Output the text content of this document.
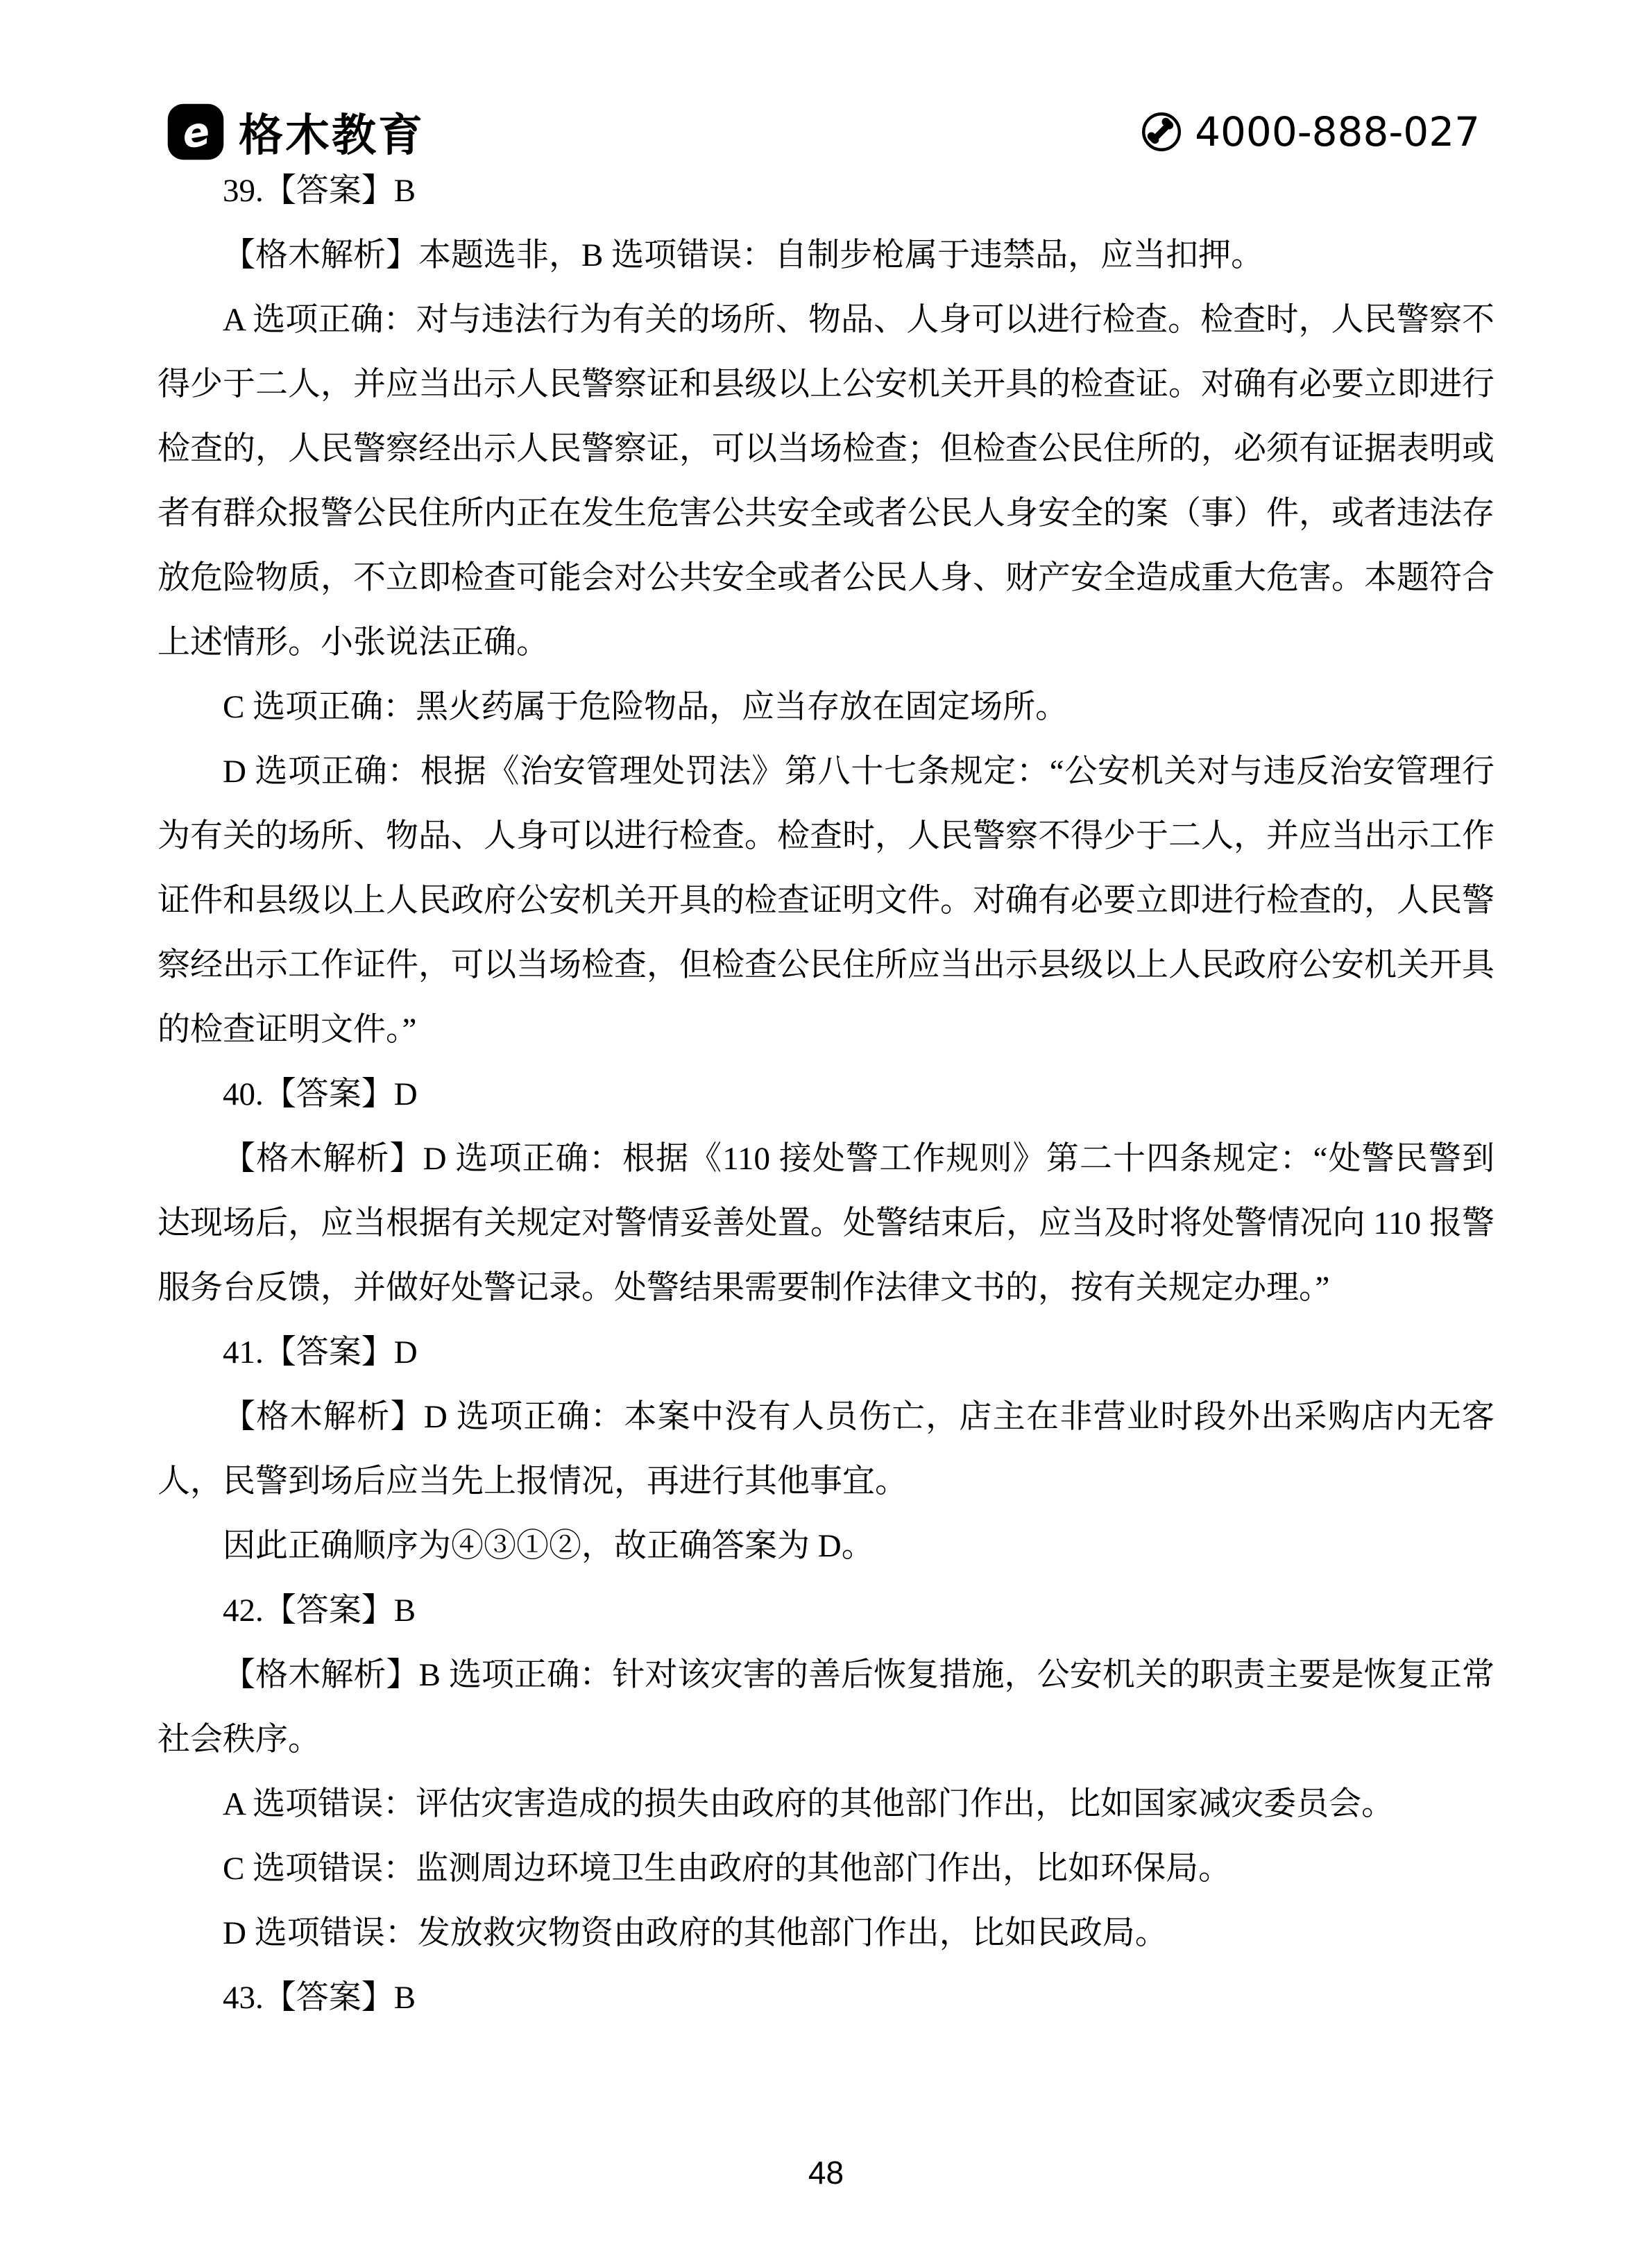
e 格木教育	4000-888-027

39.【答案】B

【格木解析】本题选非，B 选项错误：自制步枪属于违禁品，应当扣押。

A 选项正确：对与违法行为有关的场所、物品、人身可以进行检查。检查时，人民警察不得少于二人，并应当出示人民警察证和县级以上公安机关开具的检查证。对确有必要立即进行检查的，人民警察经出示人民警察证，可以当场检查；但检查公民住所的，必须有证据表明或者有群众报警公民住所内正在发生危害公共安全或者公民人身安全的案（事）件，或者违法存放危险物质，不立即检查可能会对公共安全或者公民人身、财产安全造成重大危害。本题符合上述情形。小张说法正确。

C 选项正确：黑火药属于危险物品，应当存放在固定场所。

D 选项正确：根据《治安管理处罚法》第八十七条规定：“公安机关对与违反治安管理行为有关的场所、物品、人身可以进行检查。检查时，人民警察不得少于二人，并应当出示工作证件和县级以上人民政府公安机关开具的检查证明文件。对确有必要立即进行检查的，人民警察经出示工作证件，可以当场检查，但检查公民住所应当出示县级以上人民政府公安机关开具的检查证明文件。”

40.【答案】D

【格木解析】D 选项正确：根据《110 接处警工作规则》第二十四条规定：“处警民警到达现场后，应当根据有关规定对警情妥善处置。处警结束后，应当及时将处警情况向 110 报警服务台反馈，并做好处警记录。处警结果需要制作法律文书的，按有关规定办理。”

41.【答案】D

【格木解析】D 选项正确：本案中没有人员伤亡，店主在非营业时段外出采购店内无客人，民警到场后应当先上报情况，再进行其他事宜。

因此正确顺序为④③①②，故正确答案为 D。

42.【答案】B

【格木解析】B 选项正确：针对该灾害的善后恢复措施，公安机关的职责主要是恢复正常社会秩序。

A 选项错误：评估灾害造成的损失由政府的其他部门作出，比如国家减灾委员会。

C 选项错误：监测周边环境卫生由政府的其他部门作出，比如环保局。

D 选项错误：发放救灾物资由政府的其他部门作出，比如民政局。

43.【答案】B

48
